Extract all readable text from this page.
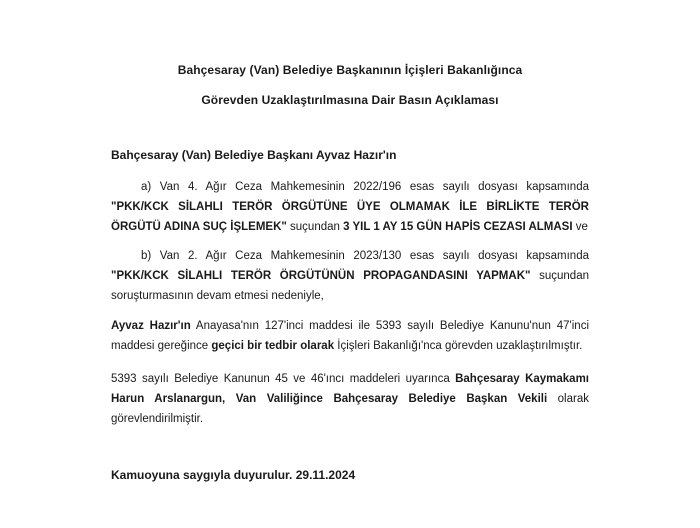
Bahçesaray (Van) Belediye Başkanının İçişleri Bakanlığınca
Görevden Uzaklaştırılmasına Dair Basın Açıklaması
Bahçesaray (Van) Belediye Başkanı Ayvaz Hazır'ın
a) Van 4. Ağır Ceza Mahkemesinin 2022/196 esas sayılı dosyası kapsamında "PKK/KCK SİLAHLI TERÖR ÖRGÜTÜNE ÜYE OLMAMAK İLE BİRLİKTE TERÖR ÖRGÜTÜ ADINA SUÇ İŞLEMEK" suçundan 3 YIL 1 AY 15 GÜN HAPİS CEZASI ALMASI ve
b) Van 2. Ağır Ceza Mahkemesinin 2023/130 esas sayılı dosyası kapsamında "PKK/KCK SİLAHLI TERÖR ÖRGÜTÜNÜN PROPAGANDASINI YAPMAK" suçundan soruşturmasının devam etmesi nedeniyle,
Ayvaz Hazır'ın Anayasa'nın 127'inci maddesi ile 5393 sayılı Belediye Kanunu'nun 47'inci maddesi gereğince geçici bir tedbir olarak İçişleri Bakanlığı'nca görevden uzaklaştırılmıştır.
5393 sayılı Belediye Kanunun 45 ve 46'ıncı maddeleri uyarınca Bahçesaray Kaymakamı Harun Arslanargun, Van Valiliğince Bahçesaray Belediye Başkan Vekili olarak görevlendirilmiştir.
Kamuoyuna saygıyla duyurulur. 29.11.2024
